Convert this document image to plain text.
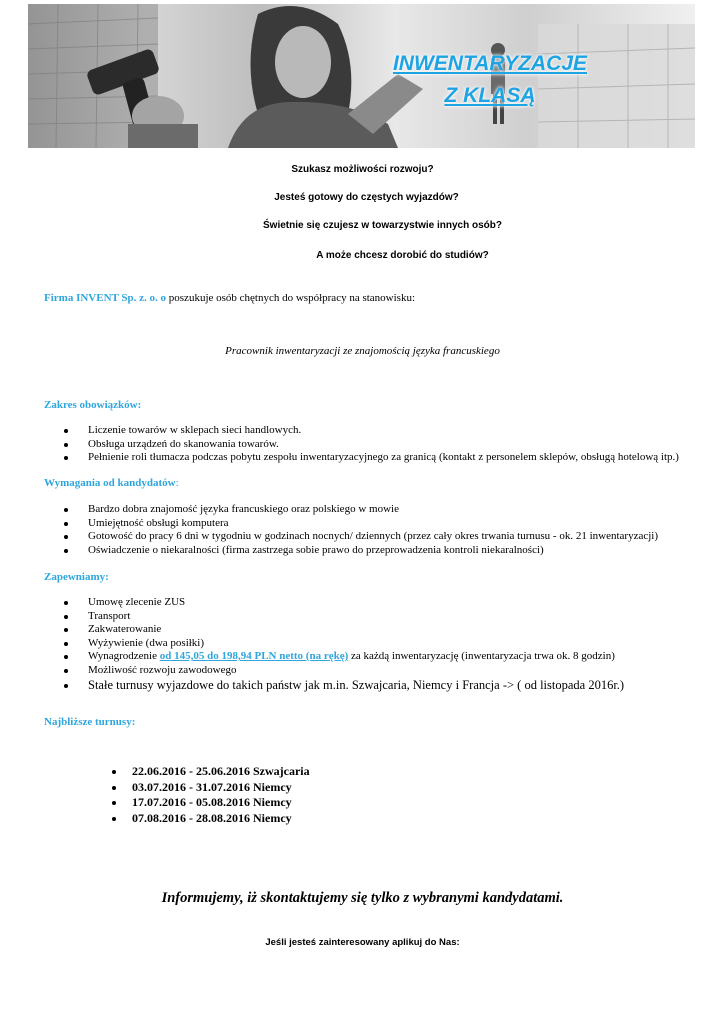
INWENTARYZACJE
Z KLASĄ
Szukasz możliwości rozwoju?
Jesteś gotowy do częstych wyjazdów?
Świetnie się czujesz w towarzystwie innych osób?
A może chcesz dorobić do studiów?
Firma INVENT Sp. z. o. o poszukuje osób chętnych do współpracy na stanowisku:
Pracownik inwentaryzacji ze znajomością języka francuskiego
Zakres obowiązków:
Liczenie towarów w sklepach sieci handlowych.
Obsługa urządzeń do skanowania towarów.
Pełnienie roli tłumacza podczas pobytu zespołu inwentaryzacyjnego za granicą (kontakt z personelem sklepów, obsługą hotelową itp.)
Wymagania od kandydatów:
Bardzo dobra znajomość języka francuskiego oraz polskiego w mowie
Umiejętność obsługi komputera
Gotowość do pracy 6 dni w tygodniu w godzinach nocnych/ dziennych (przez cały okres trwania turnusu - ok. 21 inwentaryzacji)
Oświadczenie o niekaralności (firma zastrzega sobie prawo do przeprowadzenia kontroli niekaralności)
Zapewniamy:
Umowę zlecenie ZUS
Transport
Zakwaterowanie
Wyżywienie (dwa posiłki)
Wynagrodzenie od 145,05 do 198,94 PLN netto (na rękę) za każdą inwentaryzację (inwentaryzacja trwa ok. 8 godzin)
Możliwość rozwoju zawodowego
Stałe turnusy wyjazdowe do takich państw jak m.in. Szwajcaria, Niemcy i Francja -> ( od listopada 2016r.)
Najbliższe turnusy:
22.06.2016 - 25.06.2016 Szwajcaria
03.07.2016 - 31.07.2016 Niemcy
17.07.2016 - 05.08.2016 Niemcy
07.08.2016 - 28.08.2016 Niemcy
Informujemy, iż skontaktujemy się tylko z wybranymi kandydatami.
Jeśli jesteś zainteresowany aplikuj do Nas:
